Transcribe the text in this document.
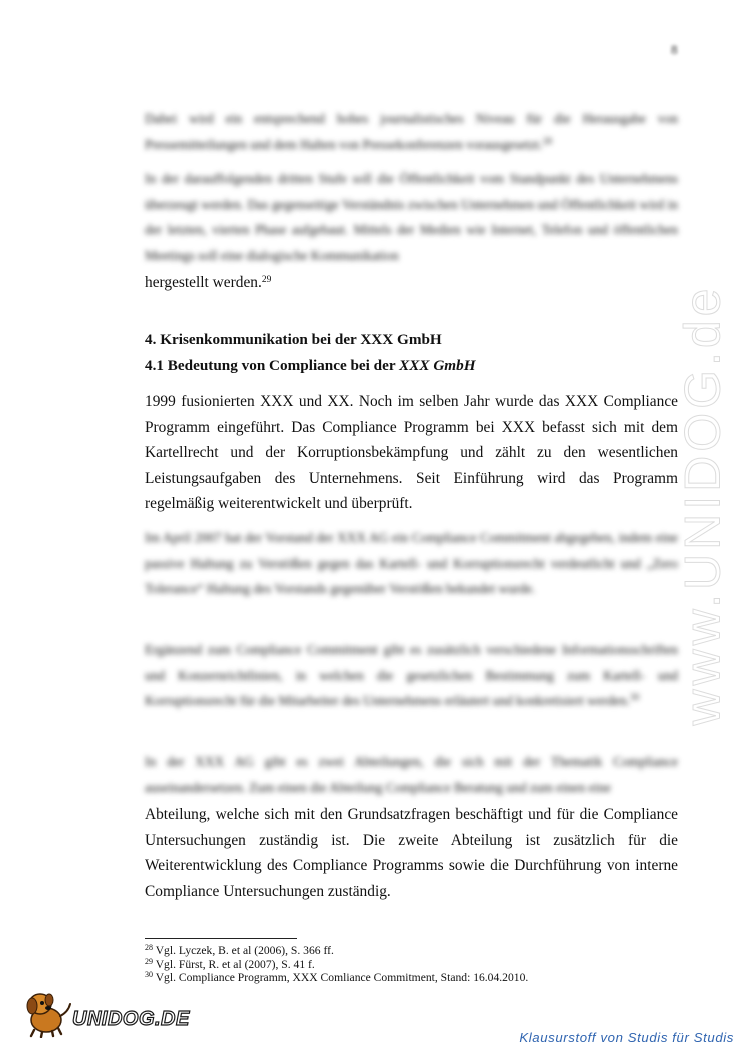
www.UNIDOG.de
8

Dabei wird ein entsprechend hohes journalistisches Niveau für die Herausgabe von Pressemitteilungen und dem Halten von Pressekonferenzen vorausgesetzt.$^{28}$

In der darauffolgenden dritten Stufe soll die Öffentlichkeit vom Standpunkt des Unternehmens überzeugt werden. Das gegenseitige Verständnis zwischen Unternehmen und Öffentlichkeit wird in der letzten, vierten Phase aufgebaut. Mittels der Medien wie Internet, Telefon und öffentlichen Meetings soll eine dialogische Kommunikation

hergestellt werden.$^{29}$

4. Krisenkommunikation bei der XXX GmbH
4.1 Bedeutung von Compliance bei der XXX GmbH

1999 fusionierten XXX und XX. Noch im selben Jahr wurde das XXX Compliance Programm eingeführt. Das Compliance Programm bei XXX befasst sich mit dem Kartellrecht und der Korruptionsbekämpfung und zählt zu den wesentlichen Leistungsaufgaben des Unternehmens. Seit Einführung wird das Programm regelmäßig weiterentwickelt und überprüft.

Im April 2007 hat der Vorstand der XXX AG ein Compliance Commitment abgegeben, indem eine passive Haltung zu Verstößen gegen das Kartell- und Korruptionsrecht verdeutlicht und „Zero Tolerance“ Haltung des Vorstands gegenüber Verstößen bekundet wurde.

Ergänzend zum Compliance Commitment gibt es zusätzlich verschiedene Informationsschriften und Konzernrichtlinien, in welchen die gesetzlichen Bestimmung zum Kartell- und Korruptionsrecht für die Mitarbeiter des Unternehmens erläutert und konkretisiert werden.$^{30}$

In der XXX AG gibt es zwei Abteilungen, die sich mit der Thematik Compliance auseinandersetzen. Zum einen die Abteilung Compliance Beratung und zum einen eine

Abteilung, welche sich mit den Grundsatzfragen beschäftigt und für die Compliance Untersuchungen zuständig ist. Die zweite Abteilung ist zusätzlich für die Weiterentwicklung des Compliance Programms sowie die Durchführung von interne Compliance Untersuchungen zuständig.

$^{28}$ Vgl. Lyczek, B. et al (2006), S. 366 ff.
$^{29}$ Vgl. Fürst, R. et al (2007), S. 41 f.
$^{30}$ Vgl. Compliance Programm, XXX Comliance Commitment, Stand: 16.04.2010.
UNIDOG.DE
Klausurstoff von Studis für Studis
